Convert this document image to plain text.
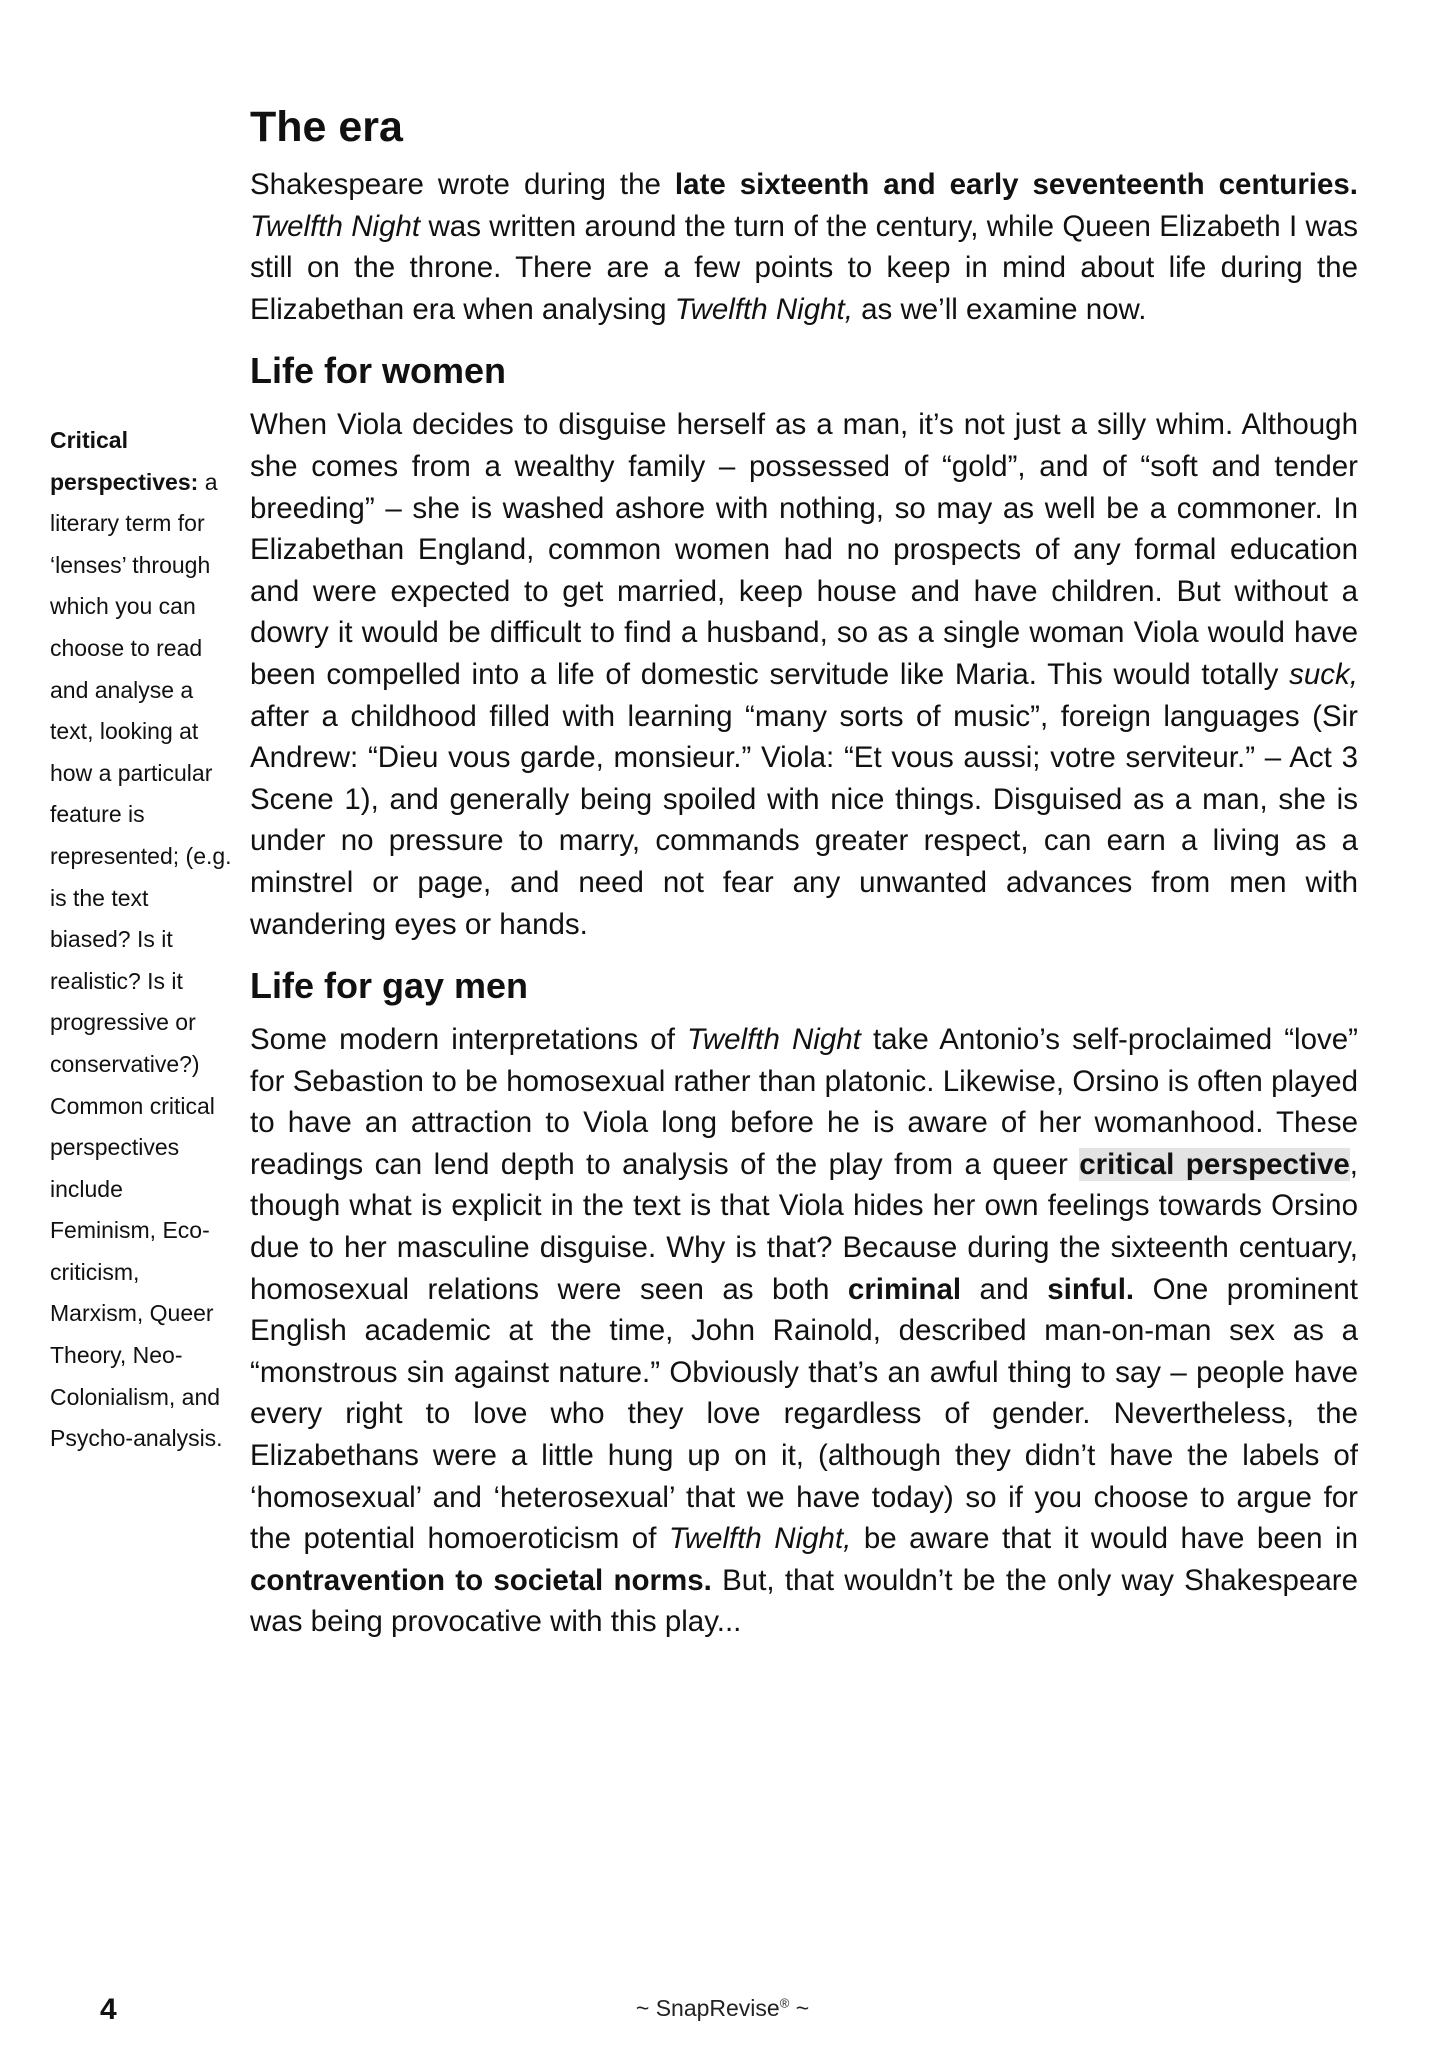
Critical perspectives: a literary term for ‘lenses’ through which you can choose to read and analyse a text, looking at how a particular feature is represented; (e.g. is the text biased? Is it realistic? Is it progressive or conservative?) Common critical perspectives include Feminism, Eco-criticism, Marxism, Queer Theory, Neo-Colonialism, and Psycho-analysis.
The era

Shakespeare wrote during the late sixteenth and early seventeenth centuries. Twelfth Night was written around the turn of the century, while Queen Elizabeth I was still on the throne. There are a few points to keep in mind about life during the Elizabethan era when analysing Twelfth Night, as we’ll examine now.

Life for women

When Viola decides to disguise herself as a man, it’s not just a silly whim. Although she comes from a wealthy family – possessed of “gold”, and of “soft and tender breeding” – she is washed ashore with nothing, so may as well be a commoner. In Elizabethan England, common women had no prospects of any formal education and were expected to get married, keep house and have children. But without a dowry it would be difficult to find a husband, so as a single woman Viola would have been compelled into a life of domestic servitude like Maria. This would totally suck, after a childhood filled with learning “many sorts of music”, foreign languages (Sir Andrew: “Dieu vous garde, monsieur.” Viola: “Et vous aussi; votre serviteur.” – Act 3 Scene 1), and generally being spoiled with nice things. Disguised as a man, she is under no pressure to marry, commands greater respect, can earn a living as a minstrel or page, and need not fear any unwanted advances from men with wandering eyes or hands.

Life for gay men

Some modern interpretations of Twelfth Night take Antonio’s self-proclaimed “love” for Sebastion to be homosexual rather than platonic. Likewise, Orsino is often played to have an attraction to Viola long before he is aware of her womanhood. These readings can lend depth to analysis of the play from a queer critical perspective, though what is explicit in the text is that Viola hides her own feelings towards Orsino due to her masculine disguise. Why is that? Because during the sixteenth centuary, homosexual relations were seen as both criminal and sinful. One prominent English academic at the time, John Rainold, described man-on-man sex as a “monstrous sin against nature.” Obviously that’s an awful thing to say – people have every right to love who they love regardless of gender. Nevertheless, the Elizabethans were a little hung up on it, (although they didn’t have the labels of ‘homosexual’ and ‘heterosexual’ that we have today) so if you choose to argue for the potential homoeroticism of Twelfth Night, be aware that it would have been in contravention to societal norms. But, that wouldn’t be the only way Shakespeare was being provocative with this play...

4	~ SnapRevise® ~
